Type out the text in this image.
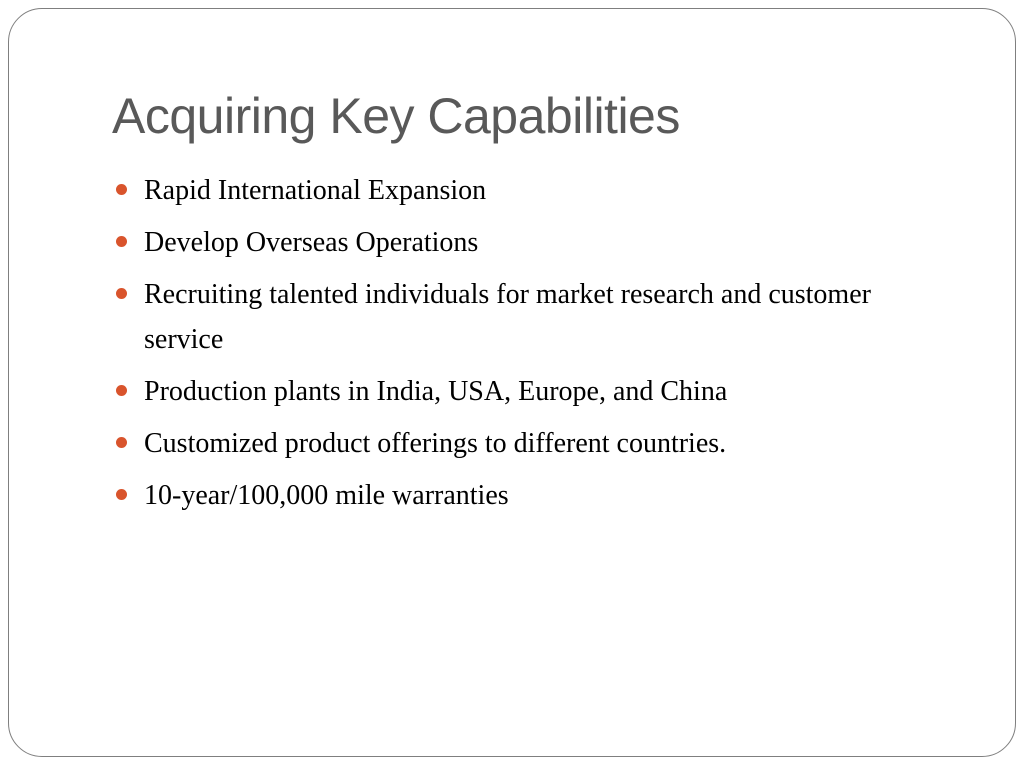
Acquiring Key Capabilities
Rapid International Expansion
Develop Overseas Operations
Recruiting talented individuals for market research and customer service
Production plants in India, USA, Europe, and China
Customized product offerings to different countries.
10-year/100,000 mile warranties
